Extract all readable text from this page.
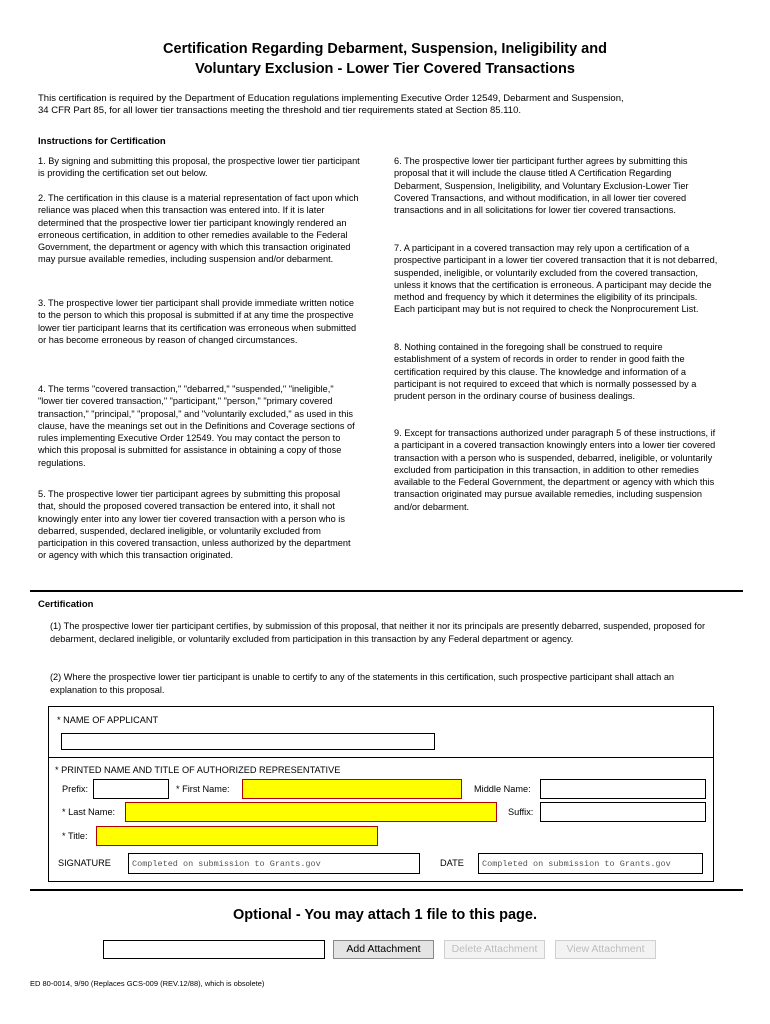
Certification Regarding Debarment, Suspension, Ineligibility and
Voluntary Exclusion - Lower Tier Covered Transactions
This certification is required by the Department of Education regulations implementing Executive Order 12549, Debarment and Suspension,
34 CFR Part 85, for all lower tier transactions meeting the threshold and tier requirements stated at Section 85.110.
Instructions for Certification
1. By signing and submitting this proposal, the prospective lower tier participant is providing the certification set out below.
2. The certification in this clause is a material representation of fact upon which reliance was placed when this transaction was entered into. If it is later determined that the prospective lower tier participant knowingly rendered an erroneous certification, in addition to other remedies available to the Federal Government, the department or agency with which this transaction originated may pursue available remedies, including suspension and/or debarment.
3. The prospective lower tier participant shall provide immediate written notice to the person to which this proposal is submitted if at any time the prospective lower tier participant learns that its certification was erroneous when submitted or has become erroneous by reason of changed circumstances.
4. The terms "covered transaction," "debarred," "suspended," "ineligible," "lower tier covered transaction," "participant," "person," "primary covered transaction," "principal," "proposal," and "voluntarily excluded," as used in this clause, have the meanings set out in the Definitions and Coverage sections of rules implementing Executive Order 12549. You may contact the person to which this proposal is submitted for assistance in obtaining a copy of those regulations.
5. The prospective lower tier participant agrees by submitting this proposal that, should the proposed covered transaction be entered into, it shall not knowingly enter into any lower tier covered transaction with a person who is debarred, suspended, declared ineligible, or voluntarily excluded from participation in this covered transaction, unless authorized by the department or agency with which this transaction originated.
6. The prospective lower tier participant further agrees by submitting this proposal that it will include the clause titled A Certification Regarding Debarment, Suspension, Ineligibility, and Voluntary Exclusion-Lower Tier Covered Transactions, and without modification, in all lower tier covered transactions and in all solicitations for lower tier covered transactions.
7. A participant in a covered transaction may rely upon a certification of a prospective participant in a lower tier covered transaction that it is not debarred, suspended, ineligible, or voluntarily excluded from the covered transaction, unless it knows that the certification is erroneous. A participant may decide the method and frequency by which it determines the eligibility of its principals. Each participant may but is not required to check the Nonprocurement List.
8. Nothing contained in the foregoing shall be construed to require establishment of a system of records in order to render in good faith the certification required by this clause. The knowledge and information of a participant is not required to exceed that which is normally possessed by a prudent person in the ordinary course of business dealings.
9. Except for transactions authorized under paragraph 5 of these instructions, if a participant in a covered transaction knowingly enters into a lower tier covered transaction with a person who is suspended, debarred, ineligible, or voluntarily excluded from participation in this transaction, in addition to other remedies available to the Federal Government, the department or agency with which this transaction originated may pursue available remedies, including suspension and/or debarment.
Certification
(1) The prospective lower tier participant certifies, by submission of this proposal, that neither it nor its principals are presently debarred, suspended, proposed for debarment, declared ineligible, or voluntarily excluded from participation in this transaction by any Federal department or agency.
(2) Where the prospective lower tier participant is unable to certify to any of the statements in this certification, such prospective participant shall attach an explanation to this proposal.
* NAME OF APPLICANT
* PRINTED NAME AND TITLE OF AUTHORIZED REPRESENTATIVE
Prefix:	* First Name:	Middle Name:
* Last Name:	Suffix:
* Title:
SIGNATURE	Completed on submission to Grants.gov	DATE	Completed on submission to Grants.gov
Optional - You may attach 1 file to this page.
Add Attachment	Delete Attachment	View Attachment
ED 80-0014, 9/90 (Replaces GCS-009 (REV.12/88), which is obsolete)
